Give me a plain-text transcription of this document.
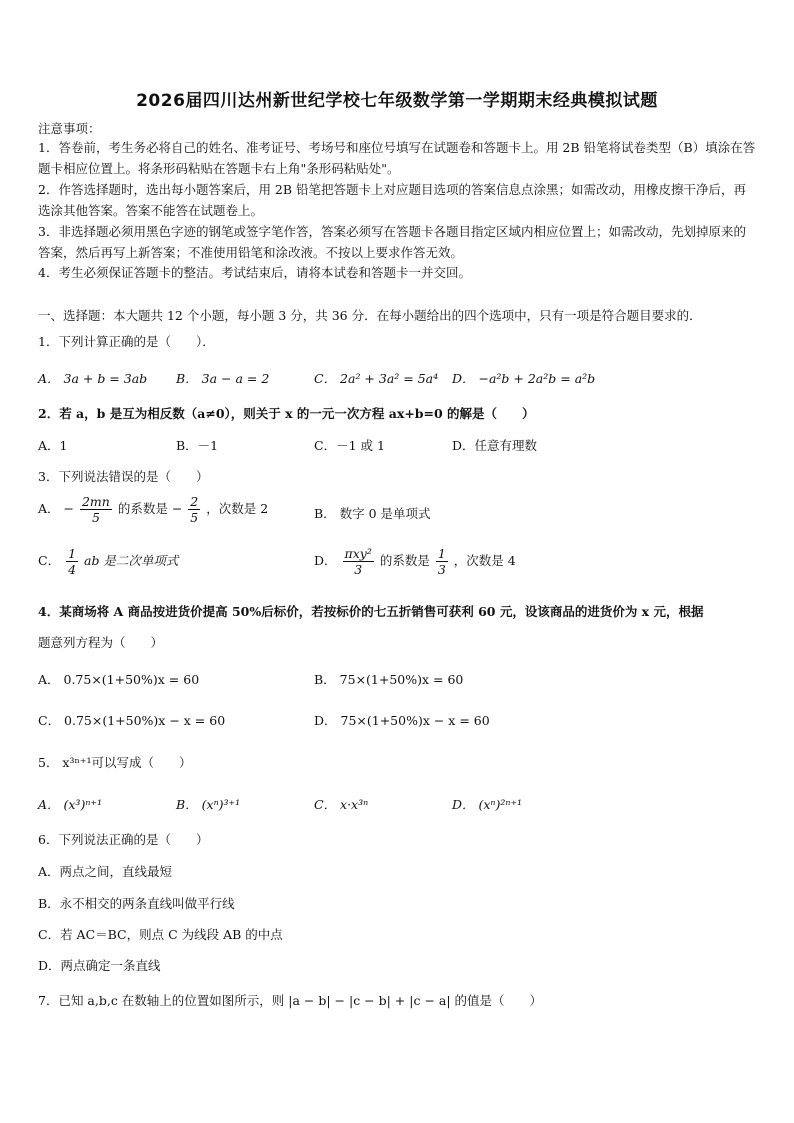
2026届四川达州新世纪学校七年级数学第一学期期末经典模拟试题
注意事项：
1．答卷前，考生务必将自己的姓名、准考证号、考场号和座位号填写在试题卷和答题卡上。用 2B 铅笔将试卷类型（B）填涂在答题卡相应位置上。将条形码粘贴在答题卡右上角"条形码粘贴处"。
2．作答选择题时，选出每小题答案后，用 2B 铅笔把答题卡上对应题目选项的答案信息点涂黑；如需改动，用橡皮擦干净后，再选涂其他答案。答案不能答在试题卷上。
3．非选择题必须用黑色字迹的钢笔或签字笔作答，答案必须写在答题卡各题目指定区域内相应位置上；如需改动，先划掉原来的答案，然后再写上新答案；不准使用铅笔和涂改液。不按以上要求作答无效。
4．考生必须保证答题卡的整洁。考试结束后，请将本试卷和答题卡一并交回。
一、选择题：本大题共 12 个小题，每小题 3 分，共 36 分．在每小题给出的四个选项中，只有一项是符合题目要求的．
1．下列计算正确的是（　　）．
A． 3a + b = 3ab B． 3a − a = 2	C． 2a² + 3a² = 5a⁴ D． −a²b + 2a²b = a²b
2．若 a，b 是互为相反数（a≠0），则关于 x 的一元一次方程 ax+b=0 的解是（　　）
A．1	B．－1	C．－1 或 1	D．任意有理数
3．下列说法错误的是（　　）
A． − $\frac{2mn}{5}$ 的系数是 − $\frac{2}{5}$ ，次数是 2	B． 数字 0 是单项式
C． $\frac{1}{4}$ ab 是二次单项式	D． $\frac{\text{πxy²}}{3}$ 的系数是 $\frac{1}{3}$ ，次数是 4
4．某商场将 A 商品按进货价提高 50%后标价，若按标价的七五折销售可获利 60 元，设该商品的进货价为 x 元，根据
题意列方程为（　　）
A． 0.75×(1+50%)x = 60	B． 75×(1+50%)x = 60
C． 0.75×(1+50%)x − x = 60	D． 75×(1+50%)x − x = 60
5． x³ⁿ⁺¹可以写成（　　）
A． (x³)ⁿ⁺¹	B． (xⁿ)³⁺¹	C． x·x³ⁿ	D． (xⁿ)²ⁿ⁺¹
6．下列说法正确的是（　　）
A．两点之间，直线最短
B．永不相交的两条直线叫做平行线
C．若 AC＝BC，则点 C 为线段 AB 的中点
D．两点确定一条直线
7．已知 a,b,c 在数轴上的位置如图所示，则 |a − b| − |c − b| + |c − a| 的值是（　　）
